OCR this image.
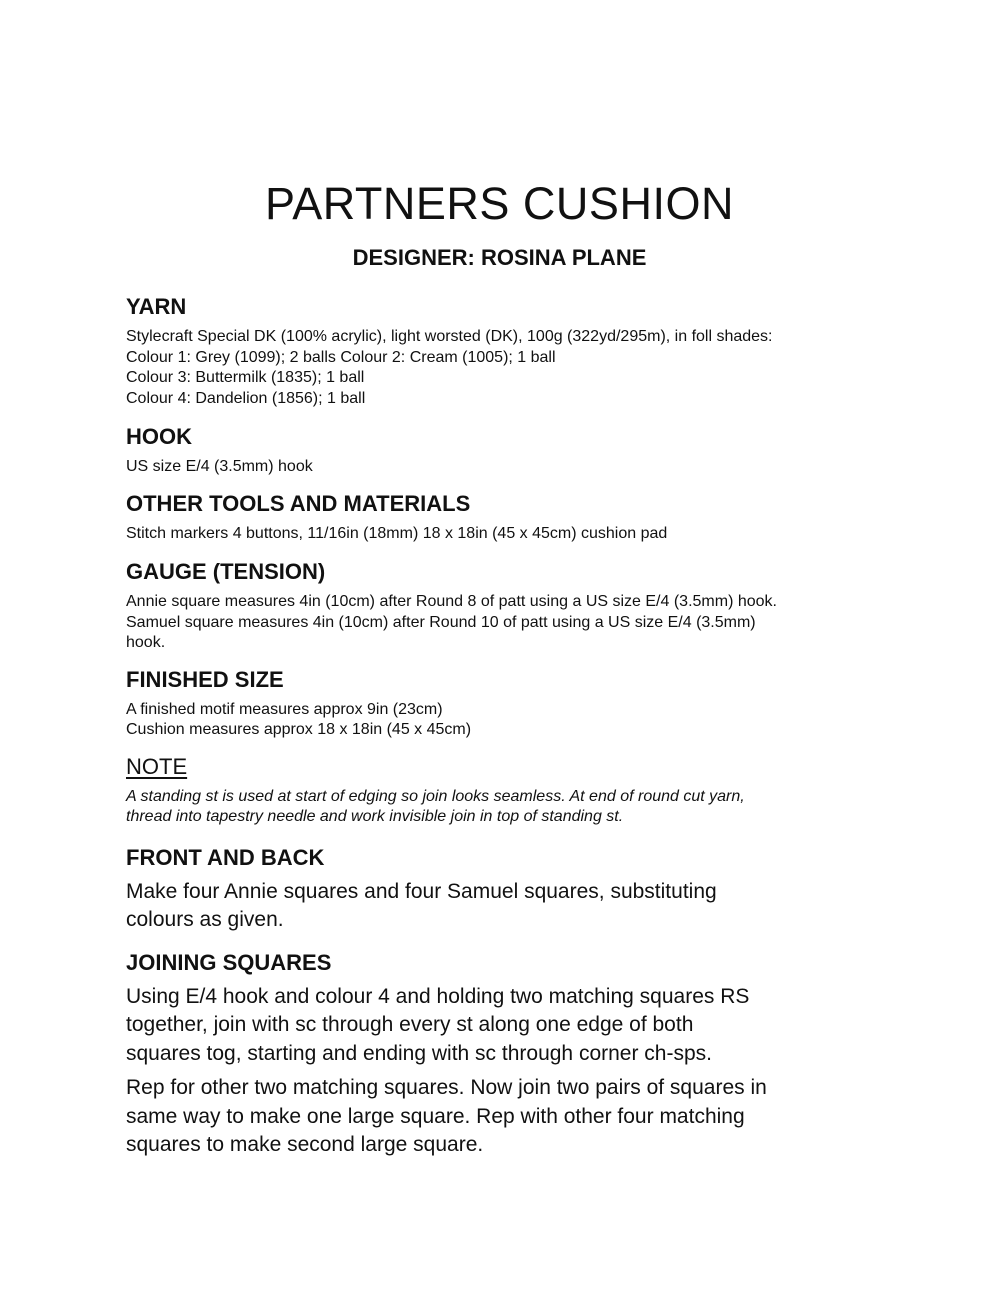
PARTNERS CUSHION
DESIGNER: ROSINA PLANE
YARN

Stylecraft Special DK (100% acrylic), light worsted (DK), 100g (322yd/295m), in foll shades:

Colour 1: Grey (1099); 2 balls Colour 2: Cream (1005); 1 ball

Colour 3: Buttermilk (1835); 1 ball

Colour 4: Dandelion (1856); 1 ball

HOOK

US size E/4 (3.5mm) hook

OTHER TOOLS AND MATERIALS

Stitch markers 4 buttons, 11/16in (18mm) 18 x 18in (45 x 45cm) cushion pad

GAUGE (TENSION)

Annie square measures 4in (10cm) after Round 8 of patt using a US size E/4 (3.5mm) hook.

Samuel square measures 4in (10cm) after Round 10 of patt using a US size E/4 (3.5mm)

hook.

FINISHED SIZE

A finished motif measures approx 9in (23cm)

Cushion measures approx 18 x 18in (45 x 45cm)

NOTE

A standing st is used at start of edging so join looks seamless. At end of round cut yarn,

thread into tapestry needle and work invisible join in top of standing st.

FRONT AND BACK

Make four Annie squares and four Samuel squares, substituting

colours as given.

JOINING SQUARES

Using E/4 hook and colour 4 and holding two matching squares RS

together, join with sc through every st along one edge of both

squares tog, starting and ending with sc through corner ch-sps.

Rep for other two matching squares. Now join two pairs of squares in

same way to make one large square. Rep with other four matching

squares to make second large square.
